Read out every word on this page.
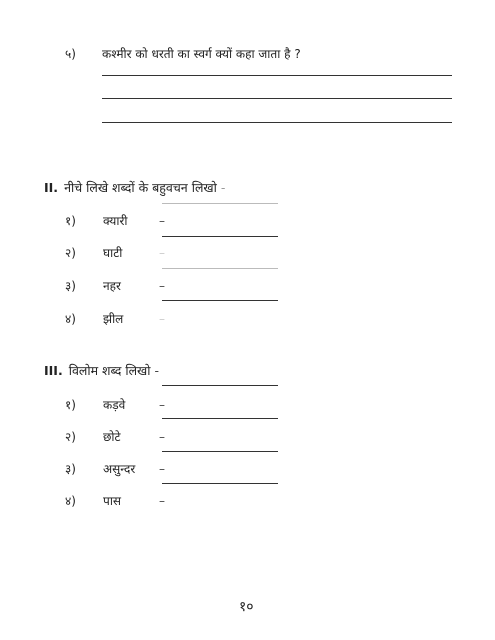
५) कश्मीर को धरती का स्वर्ग क्यों कहा जाता है ?
II. नीचे लिखे शब्दों के बहुवचन लिखो -
१) क्यारी	–
२) घाटी	–
३) नहर	–
४) झील	–
III. विलोम शब्द लिखो -
१) कड़वे	–
२) छोटे	–
३) असुन्दर –
४) पास	–
१०
